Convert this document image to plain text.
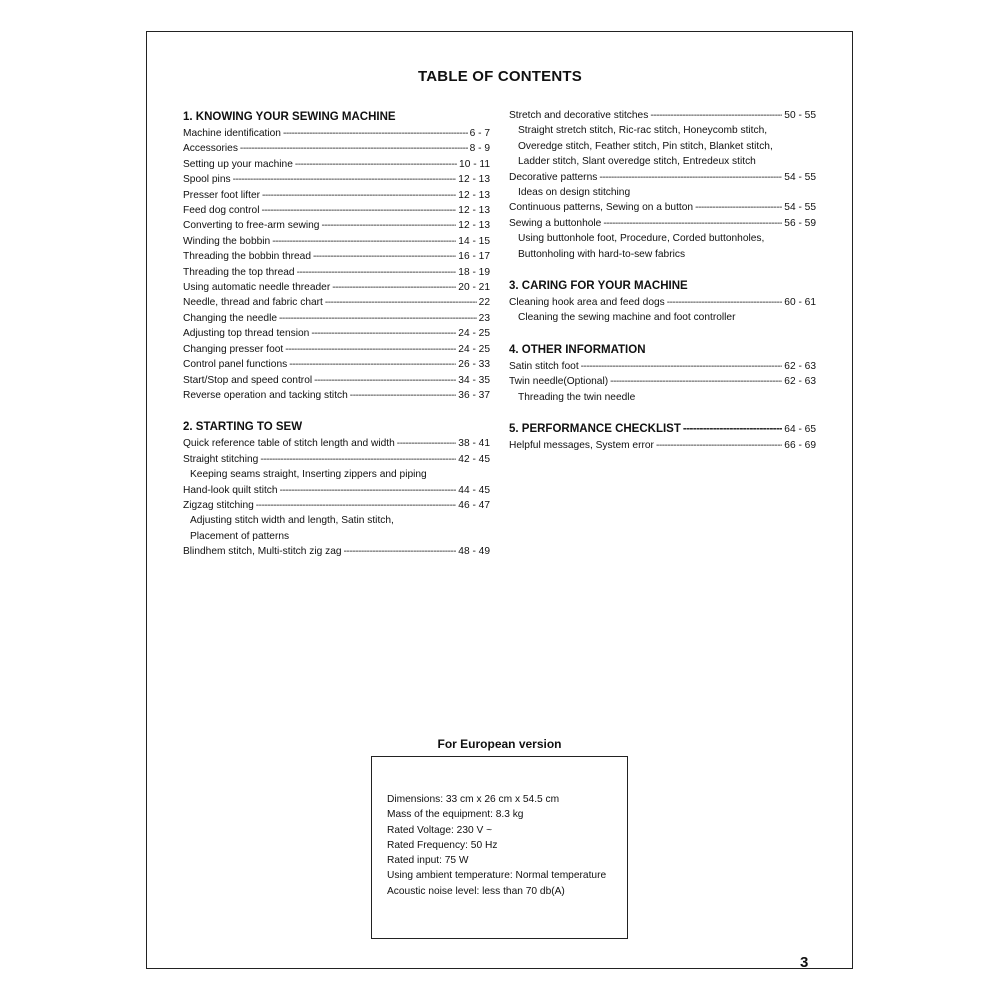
TABLE OF CONTENTS
1. KNOWING YOUR SEWING MACHINE
Machine identification -----	6 - 7
Accessories -----	8 - 9
Setting up your machine -----	10 - 11
Spool pins -----	12 - 13
Presser foot lifter -----	12 - 13
Feed dog control -----	12 - 13
Converting to free-arm sewing -----	12 - 13
Winding the bobbin -----	14 - 15
Threading the bobbin thread -----	16 - 17
Threading the top thread -----	18 - 19
Using automatic needle threader -----	20 - 21
Needle, thread and fabric chart -----	22
Changing the needle -----	23
Adjusting top thread tension -----	24 - 25
Changing presser foot -----	24 - 25
Control panel functions -----	26 - 33
Start/Stop and speed control -----	34 - 35
Reverse operation and tacking stitch -----	36 - 37
2. STARTING TO SEW
Quick reference table of stitch length and width -----	38 - 41
Straight stitching -----	42 - 45
Keeping seams straight, Inserting zippers and piping
Hand-look quilt stitch -----	44 - 45
Zigzag stitching -----	46 - 47
Adjusting stitch width and length, Satin stitch,
Placement of patterns
Blindhem stitch, Multi-stitch zig zag -----	48 - 49
Stretch and decorative stitches -----	50 - 55
Straight stretch stitch, Ric-rac stitch, Honeycomb stitch,
Overedge stitch, Feather stitch, Pin stitch, Blanket stitch,
Ladder stitch, Slant overedge stitch, Entredeux stitch
Decorative patterns -----	54 - 55
Ideas on design stitching
Continuous patterns, Sewing on a button -----	54 - 55
Sewing a buttonhole -----	56 - 59
Using buttonhole foot, Procedure, Corded buttonholes,
Buttonholing with hard-to-sew fabrics
3. CARING FOR YOUR MACHINE
Cleaning hook area and feed dogs -----	60 - 61
Cleaning the sewing machine and foot controller
4. OTHER INFORMATION
Satin stitch foot -----	62 - 63
Twin needle(Optional) -----	62 - 63
Threading the twin needle
5. PERFORMANCE CHECKLIST -----	64 - 65
Helpful messages, System error -----	66 - 69
For European version
Dimensions: 33 cm x 26 cm x 54.5 cm
Mass of the equipment: 8.3 kg
Rated Voltage: 230 V ~
Rated Frequency: 50 Hz
Rated input: 75 W
Using ambient temperature: Normal temperature
Acoustic noise level: less than 70 db(A)
3
